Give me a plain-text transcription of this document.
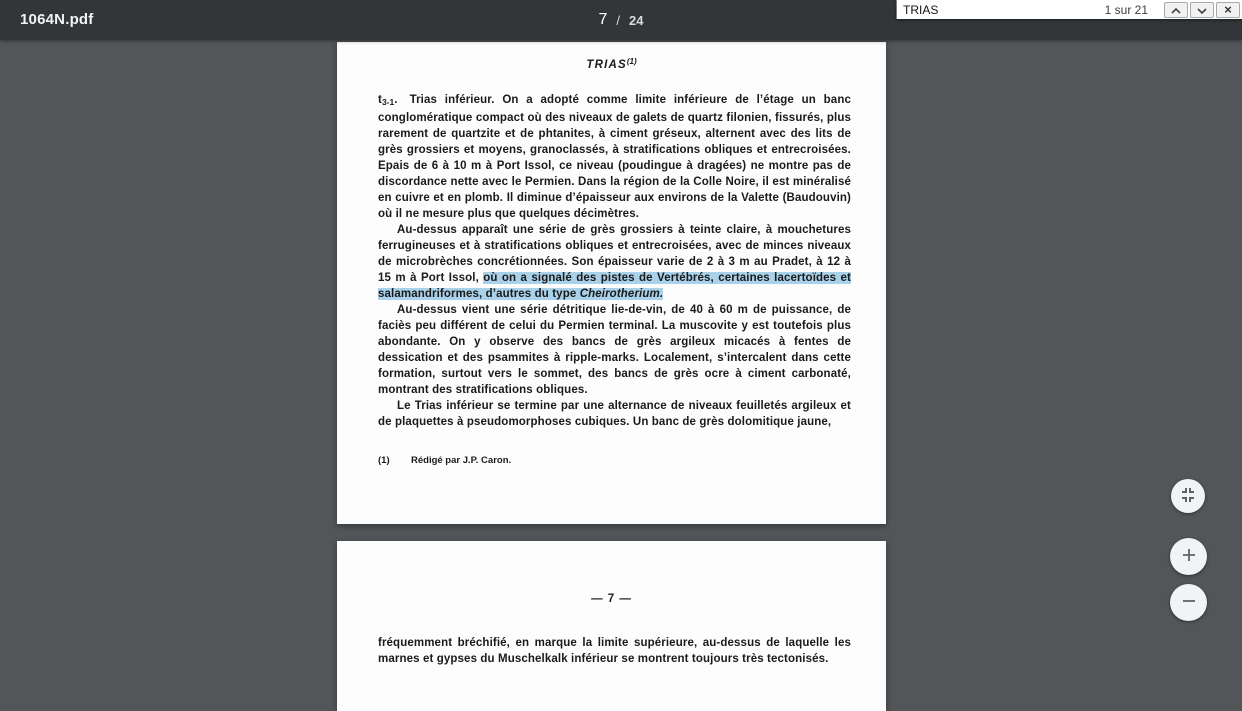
1064N.pdf	7 / 24
TRIAS	1 sur 21	×
TRIAS$^{(1)}$

$t_{3-1}$. Trias inférieur. On a adopté comme limite inférieure de l’étage un banc conglomératique compact où des niveaux de galets de quartz filonien, fissurés, plus rarement de quartzite et de phtanites, à ciment gréseux, alternent avec des lits de grès grossiers et moyens, granoclassés, à stratifications obliques et entrecroisées. Epais de 6 à 10 m à Port Issol, ce niveau (poudingue à dragées) ne montre pas de discordance nette avec le Permien. Dans la région de la Colle Noire, il est minéralisé en cuivre et en plomb. Il diminue d’épaisseur aux environs de la Valette (Baudouvin) où il ne mesure plus que quelques décimètres.

Au-dessus apparaît une série de grès grossiers à teinte claire, à mouchetures ferrugineuses et à stratifications obliques et entrecroisées, avec de minces niveaux de microbrèches concrétionnées. Son épaisseur varie de 2 à 3 m au Pradet, à 12 à 15 m à Port Issol, où on a signalé des pistes de Vertébrés, certaines lacertoïdes et salamandriformes, d’autres du type Cheirotherium.

Au-dessus vient une série détritique lie-de-vin, de 40 à 60 m de puissance, de faciès peu différent de celui du Permien terminal. La muscovite y est toutefois plus abondante. On y observe des bancs de grès argileux micacés à fentes de dessication et des psammites à ripple-marks. Localement, s’intercalent dans cette formation, surtout vers le sommet, des bancs de grès ocre à ciment carbonaté, montrant des stratifications obliques.

Le Trias inférieur se termine par une alternance de niveaux feuilletés argileux et de plaquettes à pseudomorphoses cubiques. Un banc de grès dolomitique jaune,

(1)	Rédigé par J.P. Caron.
— 7 —

fréquemment bréchifié, en marque la limite supérieure, au-dessus de laquelle les marnes et gypses du Muschelkalk inférieur se montrent toujours très tectonisés.
